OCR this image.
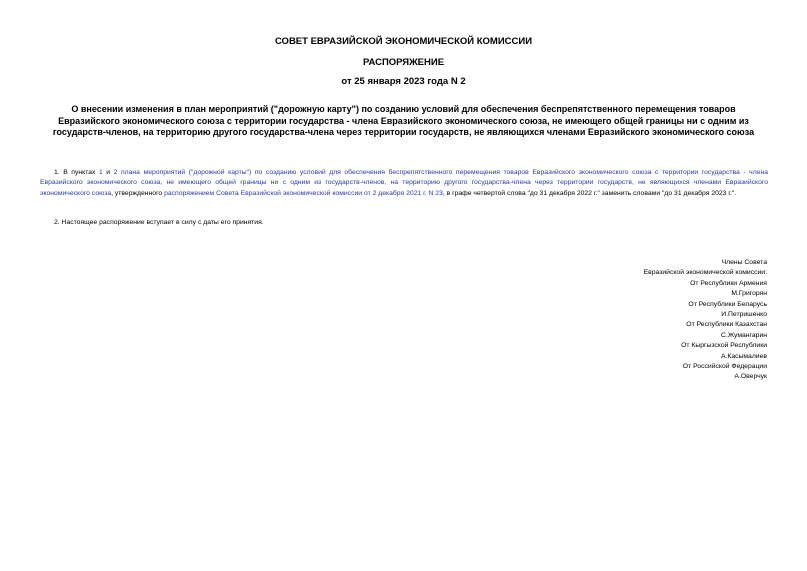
СОВЕТ ЕВРАЗИЙСКОЙ ЭКОНОМИЧЕСКОЙ КОМИССИИ
РАСПОРЯЖЕНИЕ
от 25 января 2023 года N 2
О внесении изменения в план мероприятий ("дорожную карту") по созданию условий для обеспечения беспрепятственного перемещения товаров Евразийского экономического союза с территории государства - члена Евразийского экономического союза, не имеющего общей границы ни с одним из государств-членов, на территорию другого государства-члена через территории государств, не являющихся членами Евразийского экономического союза

1. В пунктах 1 и 2 плана мероприятий ("дорожной карты") по созданию условий для обеспечения беспрепятственного перемещения товаров Евразийского экономического союза с территории государства - члена Евразийского экономического союза, не имеющего общей границы ни с одним из государств-членов, на территорию другого государства-члена через территории государств, не являющихся членами Евразийского экономического союза, утвержденного распоряжением Совета Евразийской экономической комиссии от 2 декабря 2021 г. N 23, в графе четвертой слова "до 31 декабря 2022 г." заменить словами "до 31 декабря 2023 г.".

2. Настоящее распоряжение вступает в силу с даты его принятия.

Члены Совета
Евразийской экономической комиссии:
От Республики Армения
М.Григорян
От Республики Беларусь
И.Петришенко
От Республики Казахстан
С.Жумангарин
От Кыргызской Республики
А.Касымалиев
От Российской Федерации
А.Оверчук
